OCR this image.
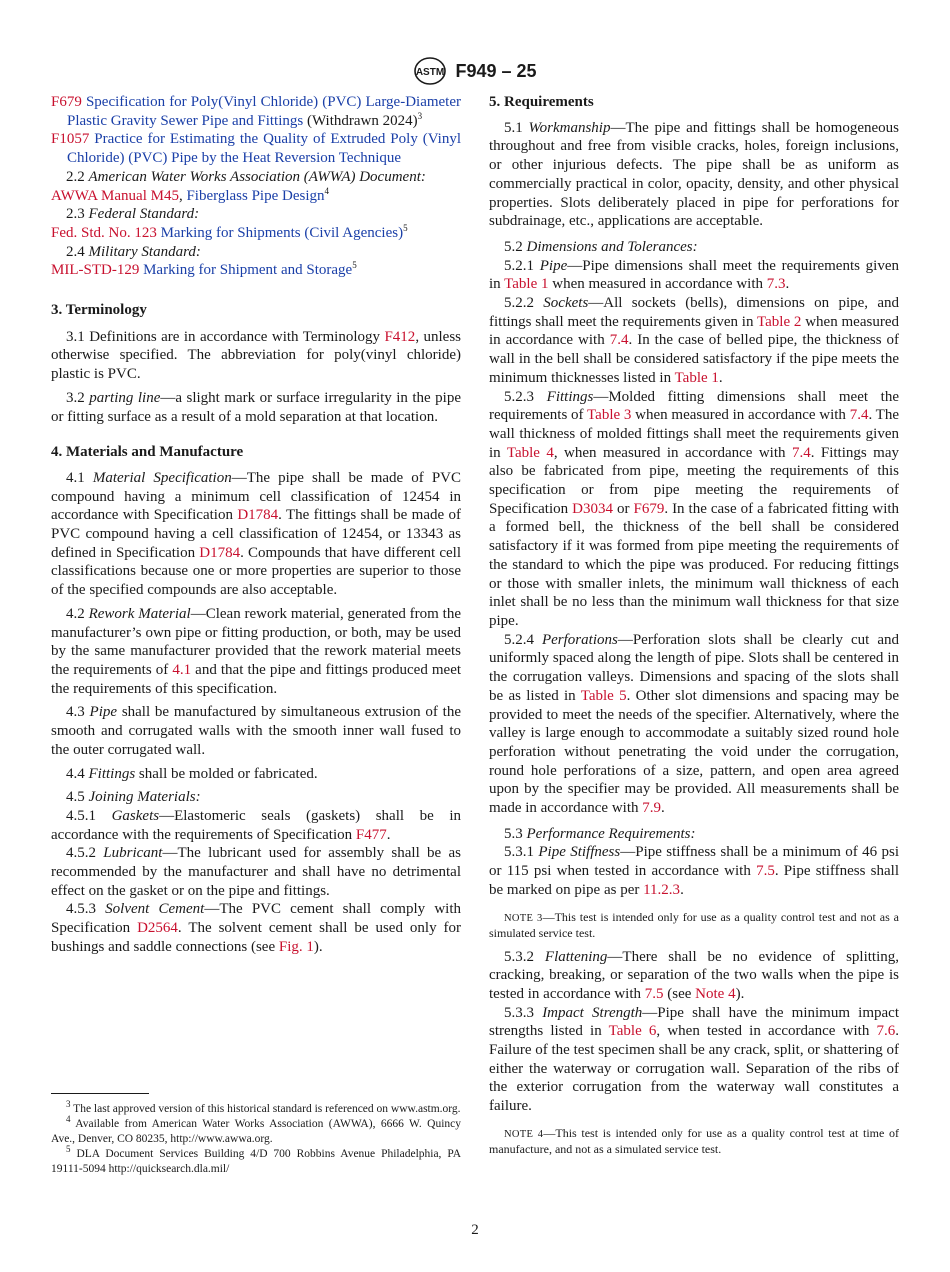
ASTM F949 – 25

F679 Specification for Poly(Vinyl Chloride) (PVC) Large-Diameter Plastic Gravity Sewer Pipe and Fittings (Withdrawn 2024)$^3$

F1057 Practice for Estimating the Quality of Extruded Poly (Vinyl Chloride) (PVC) Pipe by the Heat Reversion Technique

2.2 American Water Works Association (AWWA) Document:

AWWA Manual M45, Fiberglass Pipe Design$^4$

2.3 Federal Standard:

Fed. Std. No. 123 Marking for Shipments (Civil Agencies)$^5$

2.4 Military Standard:

MIL-STD-129 Marking for Shipment and Storage$^5$

3. Terminology

3.1 Definitions are in accordance with Terminology F412, unless otherwise specified. The abbreviation for poly(vinyl chloride) plastic is PVC.

3.2 parting line—a slight mark or surface irregularity in the pipe or fitting surface as a result of a mold separation at that location.

4. Materials and Manufacture

4.1 Material Specification—The pipe shall be made of PVC compound having a minimum cell classification of 12454 in accordance with Specification D1784. The fittings shall be made of PVC compound having a cell classification of 12454, or 13343 as defined in Specification D1784. Compounds that have different cell classifications because one or more properties are superior to those of the specified compounds are also acceptable.

4.2 Rework Material—Clean rework material, generated from the manufacturer’s own pipe or fitting production, or both, may be used by the same manufacturer provided that the rework material meets the requirements of 4.1 and that the pipe and fittings produced meet the requirements of this specification.

4.3 Pipe shall be manufactured by simultaneous extrusion of the smooth and corrugated walls with the smooth inner wall fused to the outer corrugated wall.

4.4 Fittings shall be molded or fabricated.

4.5 Joining Materials:

4.5.1 Gaskets—Elastomeric seals (gaskets) shall be in accordance with the requirements of Specification F477.

4.5.2 Lubricant—The lubricant used for assembly shall be as recommended by the manufacturer and shall have no detrimental effect on the gasket or on the pipe and fittings.

4.5.3 Solvent Cement—The PVC cement shall comply with Specification D2564. The solvent cement shall be used only for bushings and saddle connections (see Fig. 1).

$^3$ The last approved version of this historical standard is referenced on www.astm.org.

$^4$ Available from American Water Works Association (AWWA), 6666 W. Quincy Ave., Denver, CO 80235, http://www.awwa.org.

$^5$ DLA Document Services Building 4/D 700 Robbins Avenue Philadelphia, PA 19111-5094 http://quicksearch.dla.mil/

5. Requirements

5.1 Workmanship—The pipe and fittings shall be homogeneous throughout and free from visible cracks, holes, foreign inclusions, or other injurious defects. The pipe shall be as uniform as commercially practical in color, opacity, density, and other physical properties. Slots deliberately placed in pipe for perforations for subdrainage, etc., applications are acceptable.

5.2 Dimensions and Tolerances:

5.2.1 Pipe—Pipe dimensions shall meet the requirements given in Table 1 when measured in accordance with 7.3.

5.2.2 Sockets—All sockets (bells), dimensions on pipe, and fittings shall meet the requirements given in Table 2 when measured in accordance with 7.4. In the case of belled pipe, the thickness of wall in the bell shall be considered satisfactory if the pipe meets the minimum thicknesses listed in Table 1.

5.2.3 Fittings—Molded fitting dimensions shall meet the requirements of Table 3 when measured in accordance with 7.4. The wall thickness of molded fittings shall meet the requirements given in Table 4, when measured in accordance with 7.4. Fittings may also be fabricated from pipe, meeting the requirements of this specification or from pipe meeting the requirements of Specification D3034 or F679. In the case of a fabricated fitting with a formed bell, the thickness of the bell shall be considered satisfactory if it was formed from pipe meeting the requirements of the standard to which the pipe was produced. For reducing fittings or those with smaller inlets, the minimum wall thickness of each inlet shall be no less than the minimum wall thickness for that size pipe.

5.2.4 Perforations—Perforation slots shall be clearly cut and uniformly spaced along the length of pipe. Slots shall be centered in the corrugation valleys. Dimensions and spacing of the slots shall be as listed in Table 5. Other slot dimensions and spacing may be provided to meet the needs of the specifier. Alternatively, where the valley is large enough to accommodate a suitably sized round hole perforation without penetrating the void under the corrugation, round hole perforations of a size, pattern, and open area agreed upon by the specifier may be provided. All measurements shall be made in accordance with 7.9.

5.3 Performance Requirements:

5.3.1 Pipe Stiffness—Pipe stiffness shall be a minimum of 46 psi or 115 psi when tested in accordance with 7.5. Pipe stiffness shall be marked on pipe as per 11.2.3.

NOTE 3—This test is intended only for use as a quality control test and not as a simulated service test.

5.3.2 Flattening—There shall be no evidence of splitting, cracking, breaking, or separation of the two walls when the pipe is tested in accordance with 7.5 (see Note 4).

5.3.3 Impact Strength—Pipe shall have the minimum impact strengths listed in Table 6, when tested in accordance with 7.6. Failure of the test specimen shall be any crack, split, or shattering of either the waterway or corrugation wall. Separation of the ribs of the exterior corrugation from the waterway wall constitutes a failure.

NOTE 4—This test is intended only for use as a quality control test at time of manufacture, and not as a simulated service test.

2
